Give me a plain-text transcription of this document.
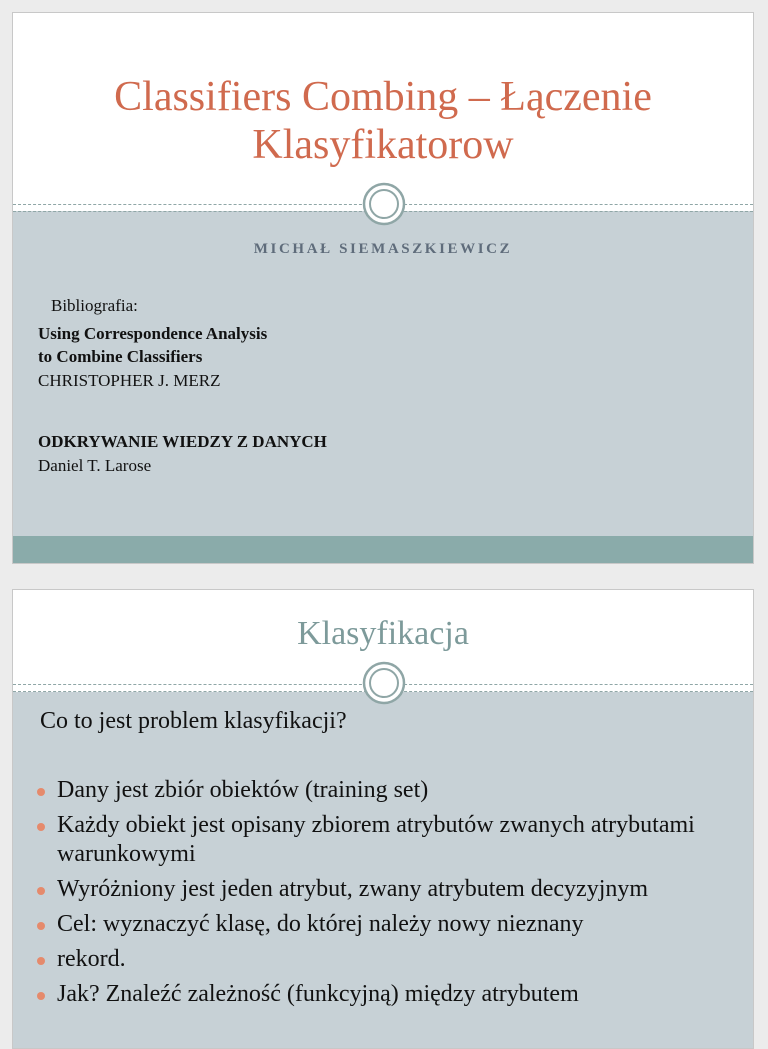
Classifiers Combing – Łączenie
Klasyfikatorow
MICHAŁ SIEMASZKIEWICZ
Bibliografia:
Using Correspondence Analysis
to Combine Classifiers
CHRISTOPHER J. MERZ
ODKRYWANIE WIEDZY Z DANYCH
Daniel T. Larose
Klasyfikacja
Co to jest problem klasyfikacji?
Dany jest zbiór obiektów (training set)
Każdy obiekt jest opisany zbiorem atrybutów zwanych atrybutami warunkowymi
Wyróżniony jest jeden atrybut, zwany atrybutem decyzyjnym
Cel: wyznaczyć klasę, do której należy nowy nieznany
rekord.
Jak? Znaleźć zależność (funkcyjną) między atrybutem
